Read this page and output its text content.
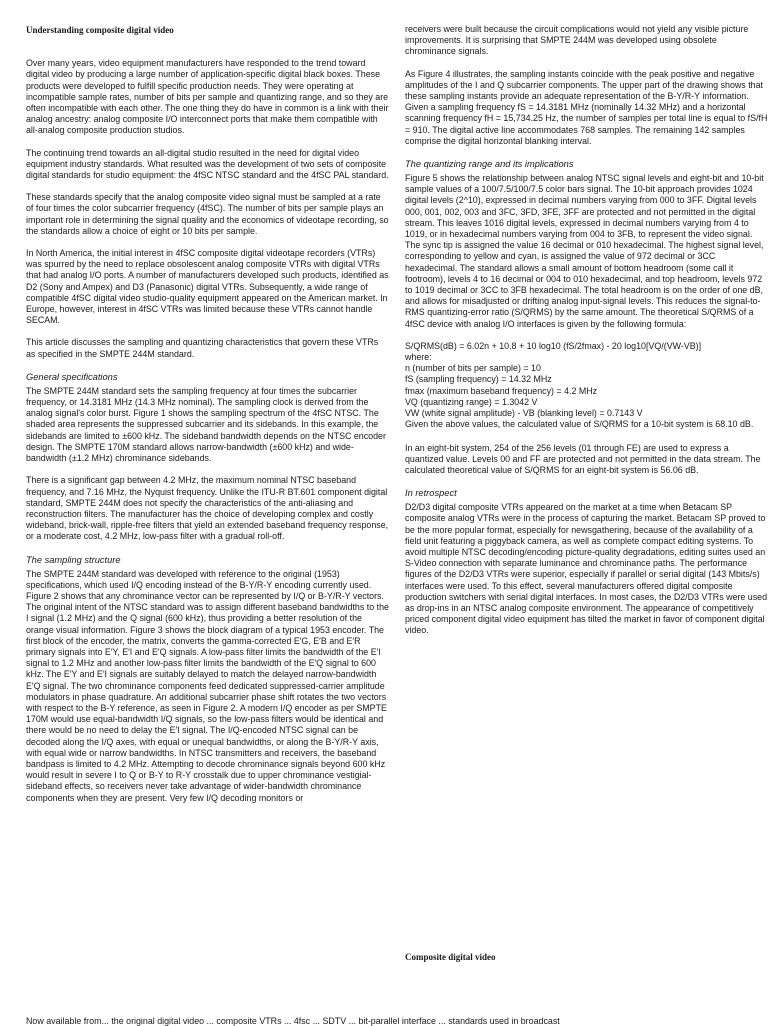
Understanding composite digital video

Over many years, video equipment manufacturers have responded to the trend toward digital video by producing a large number of application-specific digital black boxes. These products were developed to fulfill specific production needs. They were operating at incompatible sample rates, number of bits per sample and quantizing range, and so they are often incompatible with each other. The one thing they do have in common is a link with their analog ancestry: analog composite I/O interconnect ports that make them compatible with all-analog composite production studios.

The continuing trend towards an all-digital studio resulted in the need for digital video equipment industry standards. What resulted was the development of two sets of composite digital standards for studio equipment: the 4fSC NTSC standard and the 4fSC PAL standard.

These standards specify that the analog composite video signal must be sampled at a rate of four times the color subcarrier frequency (4fSC). The number of bits per sample plays an important role in determining the signal quality and the economics of videotape recording, so the standards allow a choice of eight or 10 bits per sample.

In North America, the initial interest in 4fSC composite digital videotape recorders (VTRs) was spurred by the need to replace obsolescent analog composite VTRs with digital VTRs that had analog I/O ports. A number of manufacturers developed such products, identified as D2 (Sony and Ampex) and D3 (Panasonic) digital VTRs. Subsequently, a wide range of compatible 4fSC digital video studio-quality equipment appeared on the American market. In Europe, however, interest in 4fSC VTRs was limited because these VTRs cannot handle SECAM.

This article discusses the sampling and quantizing characteristics that govern these VTRs as specified in the SMPTE 244M standard.

General specifications

The SMPTE 244M standard sets the sampling frequency at four times the subcarrier frequency, or 14.3181 MHz (14.3 MHz nominal). The sampling clock is derived from the analog signal's color burst. Figure 1 shows the sampling spectrum of the 4fSC NTSC. The shaded area represents the suppressed subcarrier and its sidebands. In this example, the sidebands are limited to ±600 kHz. The sideband bandwidth depends on the NTSC encoder design. The SMPTE 170M standard allows narrow-bandwidth (±600 kHz) and wide-bandwidth (±1.2 MHz) chrominance sidebands.

There is a significant gap between 4.2 MHz, the maximum nominal NTSC baseband frequency, and 7.16 MHz, the Nyquist frequency. Unlike the ITU-R BT.601 component digital standard, SMPTE 244M does not specify the characteristics of the anti-aliasing and reconstruction filters. The manufacturer has the choice of developing complex and costly wideband, brick-wall, ripple-free filters that yield an extended baseband frequency response, or a moderate cost, 4.2 MHz, low-pass filter with a gradual roll-off.

The sampling structure

The SMPTE 244M standard was developed with reference to the original (1953) specifications, which used I/Q encoding instead of the B-Y/R-Y encoding currently used. Figure 2 shows that any chrominance vector can be represented by I/Q or B-Y/R-Y vectors. The original intent of the NTSC standard was to assign different baseband bandwidths to the I signal (1.2 MHz) and the Q signal (600 kHz), thus providing a better resolution of the orange visual information. Figure 3 shows the block diagram of a typical 1953 encoder. The first block of the encoder, the matrix, converts the gamma-corrected E′G, E′B and E′R primary signals into E′Y, E′I and E′Q signals. A low-pass filter limits the bandwidth of the E′I signal to 1.2 MHz and another low-pass filter limits the bandwidth of the E′Q signal to 600 kHz. The E′Y and E′I signals are suitably delayed to match the delayed narrow-bandwidth E′Q signal. The two chrominance components feed dedicated suppressed-carrier amplitude modulators in phase quadrature. An additional subcarrier phase shift rotates the two vectors with respect to the B-Y reference, as seen in Figure 2. A modern I/Q encoder as per SMPTE 170M would use equal-bandwidth I/Q signals, so the low-pass filters would be identical and there would be no need to delay the E′I signal. The I/Q-encoded NTSC signal can be decoded along the I/Q axes, with equal or unequal bandwidths, or along the B-Y/R-Y axis, with equal wide or narrow bandwidths. In NTSC transmitters and receivers, the baseband bandpass is limited to 4.2 MHz. Attempting to decode chrominance signals beyond 600 kHz would result in severe I to Q or B-Y to R-Y crosstalk due to upper chrominance vestigial-sideband effects, so receivers never take advantage of wider-bandwidth chrominance components when they are present. Very few I/Q decoding monitors or

receivers were built because the circuit complications would not yield any visible picture improvements. It is surprising that SMPTE 244M was developed using obsolete chrominance signals.

As Figure 4 illustrates, the sampling instants coincide with the peak positive and negative amplitudes of the I and Q subcarrier components. The upper part of the drawing shows that these sampling instants provide an adequate representation of the B-Y/R-Y information. Given a sampling frequency fS = 14.3181 MHz (nominally 14.32 MHz) and a horizontal scanning frequency fH = 15,734.25 Hz, the number of samples per total line is equal to fS/fH = 910. The digital active line accommodates 768 samples. The remaining 142 samples comprise the digital horizontal blanking interval.

The quantizing range and its implications

Figure 5 shows the relationship between analog NTSC signal levels and eight-bit and 10-bit sample values of a 100/7.5/100/7.5 color bars signal. The 10-bit approach provides 1024 digital levels (2^10), expressed in decimal numbers varying from 000 to 3FF. Digital levels 000, 001, 002, 003 and 3FC, 3FD, 3FE, 3FF are protected and not permitted in the digital stream. This leaves 1016 digital levels, expressed in decimal numbers varying from 4 to 1019, or in hexadecimal numbers varying from 004 to 3FB, to represent the video signal. The sync tip is assigned the value 16 decimal or 010 hexadecimal. The highest signal level, corresponding to yellow and cyan, is assigned the value of 972 decimal or 3CC hexadecimal. The standard allows a small amount of bottom headroom (some call it footroom), levels 4 to 16 decimal or 004 to 010 hexadecimal, and top headroom, levels 972 to 1019 decimal or 3CC to 3FB hexadecimal. The total headroom is on the order of one dB, and allows for misadjusted or drifting analog input-signal levels. This reduces the signal-to-RMS quantizing-error ratio (S/QRMS) by the same amount. The theoretical S/QRMS of a 4fSC device with analog I/O interfaces is given by the following formula:

S/QRMS(dB) = 6.02n + 10.8 + 10 log10 (fS/2fmax) - 20 log10[VQ/(VW-VB)]
where:
n (number of bits per sample) = 10
fS (sampling frequency) = 14.32 MHz
fmax (maximum baseband frequency) = 4.2 MHz
VQ (quantizing range) = 1.3042 V
VW (white signal amplitude) - VB (blanking level) = 0.7143 V
Given the above values, the calculated value of S/QRMS for a 10-bit system is 68.10 dB.

In an eight-bit system, 254 of the 256 levels (01 through FE) are used to express a quantized value. Levels 00 and FF are protected and not permitted in the data stream. The calculated theoretical value of S/QRMS for an eight-bit system is 56.06 dB.

In retrospect

D2/D3 digital composite VTRs appeared on the market at a time when Betacam SP composite analog VTRs were in the process of capturing the market. Betacam SP proved to be the more popular format, especially for newsgathering, because of the availability of a field unit featuring a piggyback camera, as well as complete compact editing systems. To avoid multiple NTSC decoding/encoding picture-quality degradations, editing suites used an S-Video connection with separate luminance and chrominance paths. The performance figures of the D2/D3 VTRs were superior, especially if parallel or serial digital (143 Mbits/s) interfaces were used. To this effect, several manufacturers offered digital composite production switchers with serial digital interfaces. In most cases, the D2/D3 VTRs were used as drop-ins in an NTSC analog composite environment. The appearance of competitively priced component digital video equipment has tilted the market in favor of component digital video.

Composite digital video
Now available from... the original digital video ... composite VTRs ... 4fsc ... SDTV ... bit-parallel interface ... standards used in broadcast
